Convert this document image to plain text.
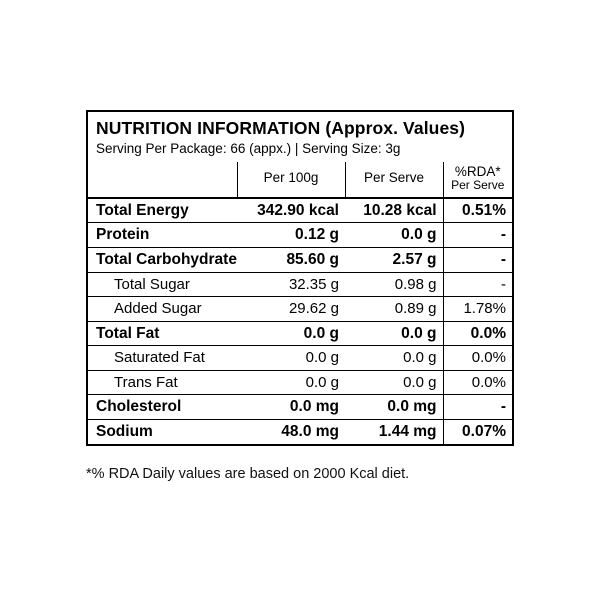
NUTRITION INFORMATION (Approx. Values)
Serving Per Package: 66 (appx.) | Serving Size: 3g
	Per 100g	Per Serve	%RDA*
Per Serve

Total Energy	342.90 kcal	10.28 kcal	0.51%
Protein	0.12 g	0.0 g	-
Total Carbohydrate	85.60 g	2.57 g	-
Total Sugar	32.35 g	0.98 g	-
Added Sugar	29.62 g	0.89 g	1.78%
Total Fat	0.0 g	0.0 g	0.0%
Saturated Fat	0.0 g	0.0 g	0.0%
Trans Fat	0.0 g	0.0 g	0.0%
Cholesterol	0.0 mg	0.0 mg	-
Sodium	48.0 mg	1.44 mg	0.07%
*% RDA Daily values are based on 2000 Kcal diet.
